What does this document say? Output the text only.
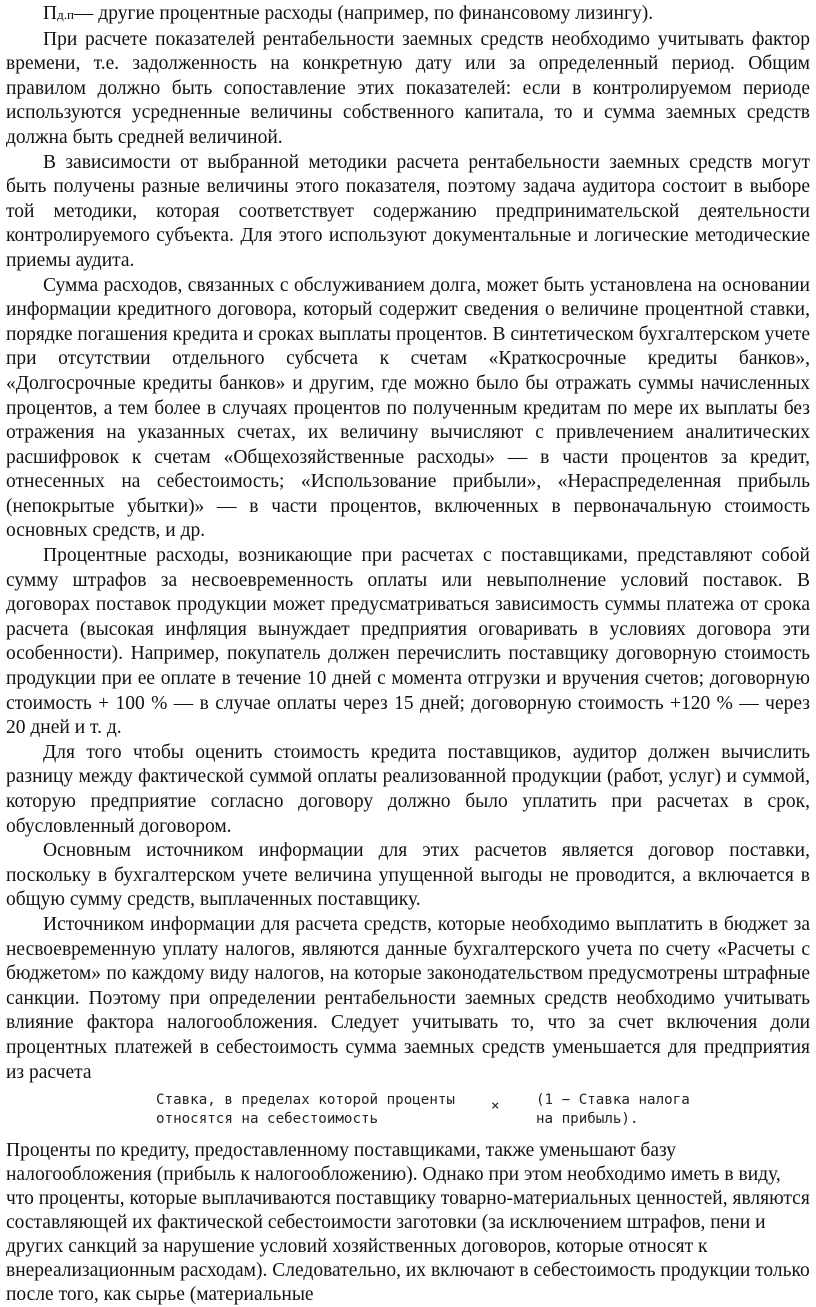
Пд.п— другие процентные расходы (например, по финансовому лизингу).

При расчете показателей рентабельности заемных средств необходимо учитывать фактор времени, т.е. задолженность на конкретную дату или за определенный период. Общим правилом должно быть сопоставление этих показателей: если в контролируемом периоде используются усредненные величины собственного капитала, то и сумма заемных средств должна быть средней величиной.

В зависимости от выбранной методики расчета рентабельности заемных средств могут быть получены разные величины этого показателя, поэтому задача аудитора состоит в выборе той методики, которая соответствует содержанию предпринимательской деятельности контролируемого субъекта. Для этого используют документальные и логические методические приемы аудита.

Сумма расходов, связанных с обслуживанием долга, может быть установлена на основании информации кредитного договора, который содержит сведения о величине процентной ставки, порядке погашения кредита и сроках выплаты процентов. В синтетическом бухгалтерском учете при отсутствии отдельного субсчета к счетам «Краткосрочные кредиты банков», «Долгосрочные кредиты банков» и другим, где можно было бы отражать суммы начисленных процентов, а тем более в случаях процентов по полученным кредитам по мере их выплаты без отражения на указанных счетах, их величину вычисляют с привлечением аналитических расшифровок к счетам «Общехозяйственные расходы» — в части процентов за кредит, отнесенных на себестоимость; «Использование прибыли», «Нераспределенная прибыль (непокрытые убытки)» — в части процентов, включенных в первоначальную стоимость основных средств, и др.

Процентные расходы, возникающие при расчетах с поставщиками, представляют собой сумму штрафов за несвоевременность оплаты или невыполнение условий поставок. В договорах поставок продукции может предусматриваться зависимость суммы платежа от срока расчета (высокая инфляция вынуждает предприятия оговаривать в условиях договора эти особенности). Например, покупатель должен перечислить поставщику договорную стоимость продукции при ее оплате в течение 10 дней с момента отгрузки и вручения счетов; договорную стоимость + 100 % — в случае оплаты через 15 дней; договорную стоимость +120 % — через 20 дней и т. д.

Для того чтобы оценить стоимость кредита поставщиков, аудитор должен вычислить разницу между фактической суммой оплаты реализованной продукции (работ, услуг) и суммой, которую предприятие согласно договору должно было уплатить при расчетах в срок, обусловленный договором.

Основным источником информации для этих расчетов является договор поставки, поскольку в бухгалтерском учете величина упущенной выгоды не проводится, а включается в общую сумму средств, выплаченных поставщику.

Источником информации для расчета средств, которые необходимо выплатить в бюджет за несвоевременную уплату налогов, являются данные бухгалтерского учета по счету «Расчеты с бюджетом» по каждому виду налогов, на которые законодательством предусмотрены штрафные санкции. Поэтому при определении рентабельности заемных средств необходимо учитывать влияние фактора налогообложения. Следует учитывать то, что за счет включения доли процентных платежей в себестоимость сумма заемных средств уменьшается для предприятия из расчета

Ставка, в пределах которой проценты
относятся на себестоимость
×	(1 − Ставка налога
на прибыль).

Проценты по кредиту, предоставленному поставщиками, также уменьшают базу налогообложения (прибыль к налогообложению). Однако при этом необходимо иметь в виду, что проценты, которые выплачиваются поставщику товарно-материальных ценностей, являются составляющей их фактической себестоимости заготовки (за исключением штрафов, пени и других санкций за нарушение условий хозяйственных договоров, которые относят к внереализационным расходам). Следовательно, их включают в себестоимость продукции только после того, как сырье (материальные
